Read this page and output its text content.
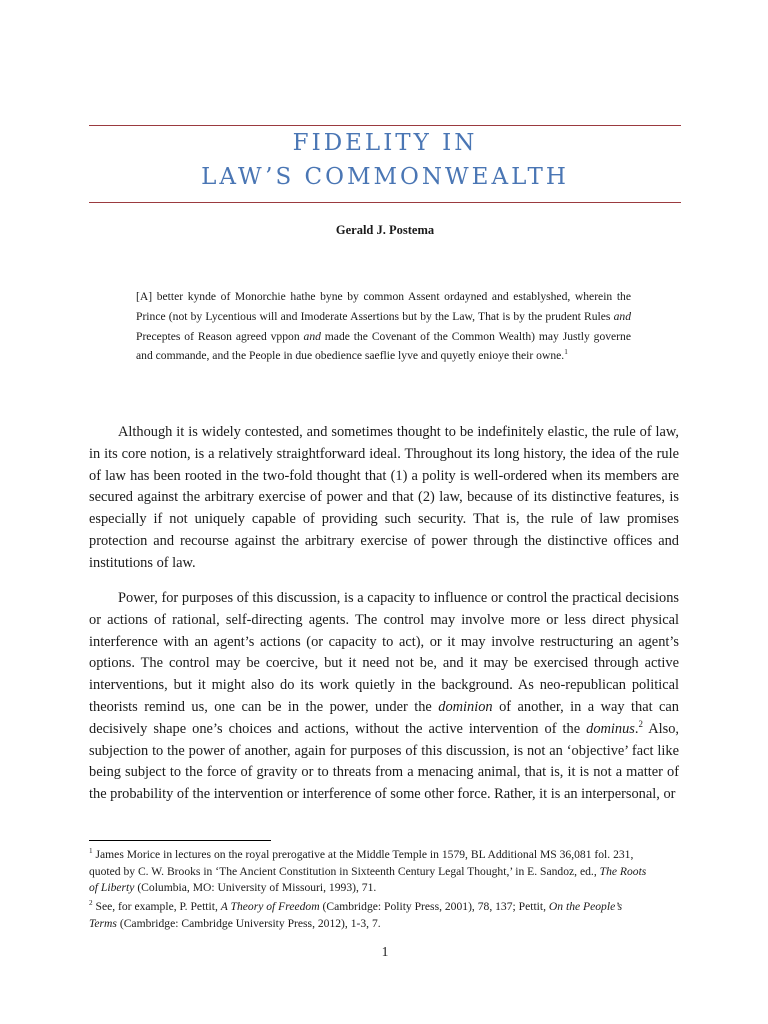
FIDELITY IN
LAW’S COMMONWEALTH
Gerald J. Postema
[A] better kynde of Monorchie hathe byne by common Assent ordayned and establyshed, wherein the Prince (not by Lycentious will and Imoderate Assertions but by the Law, That is by the prudent Rules and Preceptes of Reason agreed vppon and made the Covenant of the Common Wealth) may Justly governe and commande, and the People in due obedience saeflie lyve and quyetly enioye their owne.$^1$
Although it is widely contested, and sometimes thought to be indefinitely elastic, the rule of law, in its core notion, is a relatively straightforward ideal. Throughout its long history, the idea of the rule of law has been rooted in the two-fold thought that (1) a polity is well-ordered when its members are secured against the arbitrary exercise of power and that (2) law, because of its distinctive features, is especially if not uniquely capable of providing such security. That is, the rule of law promises protection and recourse against the arbitrary exercise of power through the distinctive offices and institutions of law.
Power, for purposes of this discussion, is a capacity to influence or control the practical decisions or actions of rational, self-directing agents. The control may involve more or less direct physical interference with an agent’s actions (or capacity to act), or it may involve restructuring an agent’s options. The control may be coercive, but it need not be, and it may be exercised through active interventions, but it might also do its work quietly in the background. As neo-republican political theorists remind us, one can be in the power, under the dominion of another, in a way that can decisively shape one’s choices and actions, without the active intervention of the dominus.$^2$ Also, subjection to the power of another, again for purposes of this discussion, is not an ‘objective’ fact like being subject to the force of gravity or to threats from a menacing animal, that is, it is not a matter of the probability of the intervention or interference of some other force. Rather, it is an interpersonal, or
$^1$ James Morice in lectures on the royal prerogative at the Middle Temple in 1579, BL Additional MS 36,081 fol. 231, quoted by C. W. Brooks in ‘The Ancient Constitution in Sixteenth Century Legal Thought,’ in E. Sandoz, ed., The Roots of Liberty (Columbia, MO: University of Missouri, 1993), 71.
$^2$ See, for example, P. Pettit, A Theory of Freedom (Cambridge: Polity Press, 2001), 78, 137; Pettit, On the People’s Terms (Cambridge: Cambridge University Press, 2012), 1-3, 7.
1
